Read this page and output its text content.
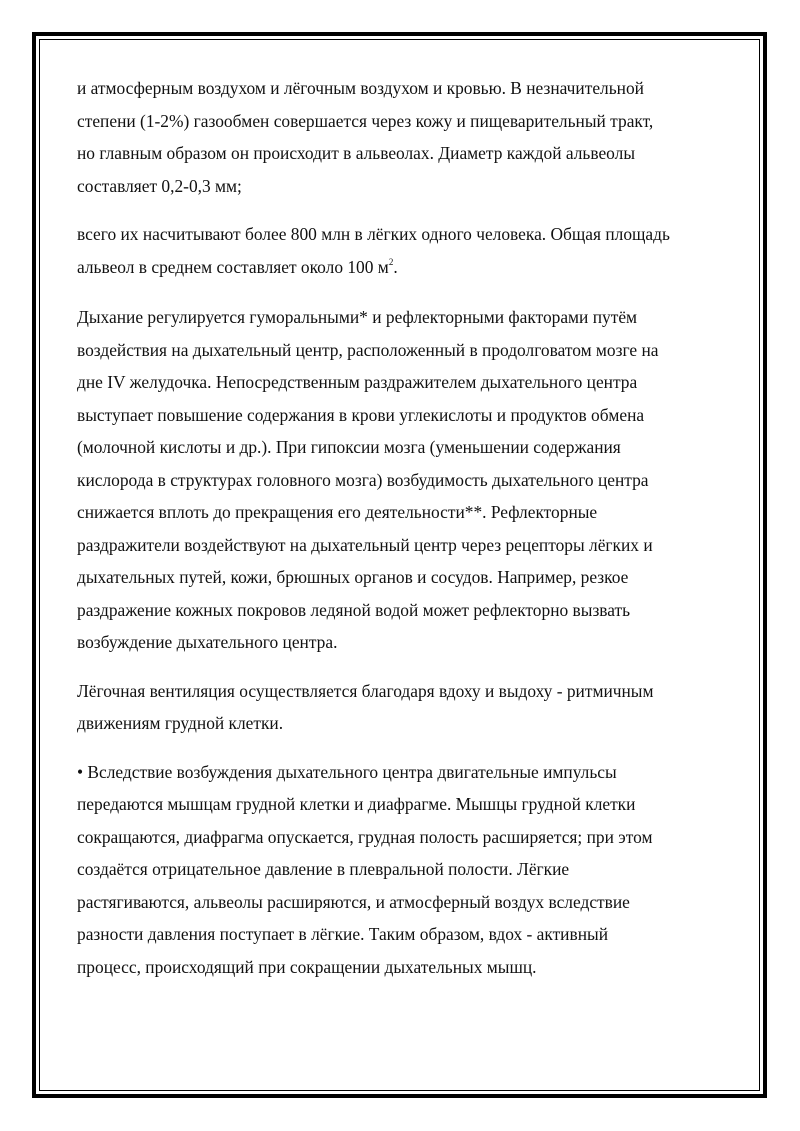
и атмосферным воздухом и лёгочным воздухом и кровью. В незначительной
степени (1-2%) газообмен совершается через кожу и пищеварительный тракт,
но главным образом он происходит в альвеолах. Диаметр каждой альвеолы
составляет 0,2-0,3 мм;

всего их насчитывают более 800 млн в лёгких одного человека. Общая площадь
альвеол в среднем составляет около 100 $м^2$.

Дыхание регулируется гуморальными* и рефлекторными факторами путём
воздействия на дыхательный центр, расположенный в продолговатом мозге на
дне IV желудочка. Непосредственным раздражителем дыхательного центра
выступает повышение содержания в крови углекислоты и продуктов обмена
(молочной кислоты и др.). При гипоксии мозга (уменьшении содержания
кислорода в структурах головного мозга) возбудимость дыхательного центра
снижается вплоть до прекращения его деятельности**. Рефлекторные
раздражители воздействуют на дыхательный центр через рецепторы лёгких и
дыхательных путей, кожи, брюшных органов и сосудов. Например, резкое
раздражение кожных покровов ледяной водой может рефлекторно вызвать
возбуждение дыхательного центра.

Лёгочная вентиляция осуществляется благодаря вдоху и выдоху - ритмичным
движениям грудной клетки.

• Вследствие возбуждения дыхательного центра двигательные импульсы
передаются мышцам грудной клетки и диафрагме. Мышцы грудной клетки
сокращаются, диафрагма опускается, грудная полость расширяется; при этом
создаётся отрицательное давление в плевральной полости. Лёгкие
растягиваются, альвеолы расширяются, и атмосферный воздух вследствие
разности давления поступает в лёгкие. Таким образом, вдох - активный
процесс, происходящий при сокращении дыхательных мышц.
